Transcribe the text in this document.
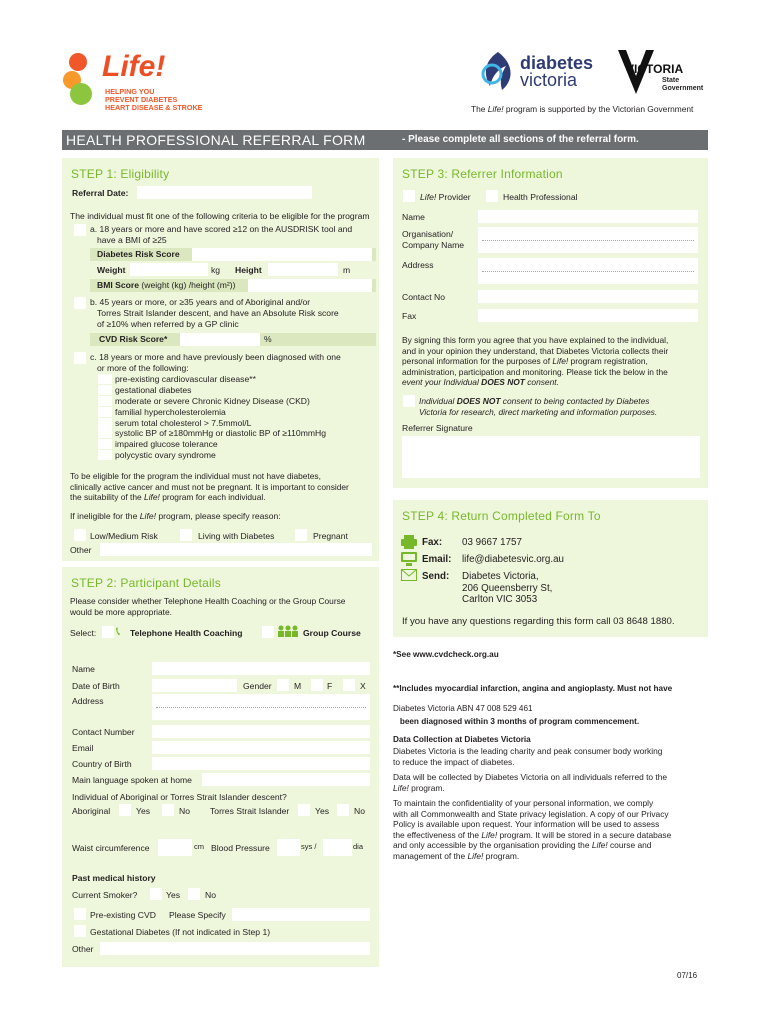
Life!
HELPING YOU
PREVENT DIABETES
HEART DISEASE & STROKE
diabetes
victoria
VICTORIA
State
Government
The Life! program is supported by the Victorian Government
HEALTH PROFESSIONAL REFERRAL FORM	- Please complete all sections of the referral form.
STEP 1: Eligibility
Referral Date:
The individual must fit one of the following criteria to be eligible for the program
a. 18 years or more and have scored ≥12 on the AUSDRISK tool and
have a BMI of ≥25
Diabetes Risk Score
Weight	kg Height	m
BMI Score (weight (kg) /height (m²))
b. 45 years or more, or ≥35 years and of Aboriginal and/or
Torres Strait Islander descent, and have an Absolute Risk score
of ≥10% when referred by a GP clinic
CVD Risk Score*	%
c. 18 years or more and have previously been diagnosed with one
or more of the following:
pre-existing cardiovascular disease**
gestational diabetes
moderate or severe Chronic Kidney Disease (CKD)
familial hypercholesterolemia
serum total cholesterol > 7.5mmol/L
systolic BP of ≥180mmHg or diastolic BP of ≥110mmHg
impaired glucose tolerance
polycystic ovary syndrome
To be eligible for the program the individual must not have diabetes,
clinically active cancer and must not be pregnant. It is important to consider
the suitability of the Life! program for each individual.
If ineligible for the Life! program, please specify reason:
Low/Medium Risk	Living with Diabetes	Pregnant
Other
STEP 2: Participant Details
Please consider whether Telephone Health Coaching or the Group Course
would be more appropriate.
Select: 📞︎ Telephone Health Coaching	Group Course
Name
Date of Birth	Gender	M	F	X
Address
Contact Number
Email
Country of Birth
Main language spoken at home
Individual of Aboriginal or Torres Strait Islander descent?
Aboriginal	Yes	No Torres Strait Islander	Yes	No
Waist circumference	cm Blood Pressure	sys /	dia
Past medical history
Current Smoker?	Yes	No
Pre-existing CVD Please Specify
Gestational Diabetes (If not indicated in Step 1)
Other
STEP 3: Referrer Information
Life! Provider	Health Professional
Name
Organisation/
Company Name
Address
Contact No
Fax
By signing this form you agree that you have explained to the individual,
and in your opinion they understand, that Diabetes Victoria collects their
personal information for the purposes of Life! program registration,
administration, participation and monitoring. Please tick the below in the
event your Individual DOES NOT consent.
Individual DOES NOT consent to being contacted by Diabetes
Victoria for research, direct marketing and information purposes.
Referrer Signature
STEP 4: Return Completed Form To
Fax: 03 9667 1757
Email: life@diabetesvic.org.au
Send: Diabetes Victoria,
206 Queensberry St,
Carlton VIC 3053
If you have any questions regarding this form call 03 8648 1880.
*See www.cvdcheck.org.au

**Includes myocardial infarction, angina and angioplasty. Must not have

been diagnosed within 3 months of program commencement.

Diabetes Victoria ABN 47 008 529 461
Data Collection at Diabetes Victoria
Diabetes Victoria is the leading charity and peak consumer body working
to reduce the impact of diabetes.
Data will be collected by Diabetes Victoria on all individuals referred to the
Life! program.
To maintain the confidentiality of your personal information, we comply
with all Commonwealth and State privacy legislation. A copy of our Privacy
Policy is available upon request. Your information will be used to assess
the effectiveness of the Life! program. It will be stored in a secure database
and only accessible by the organisation providing the Life! course and
management of the Life! program.
07/16
